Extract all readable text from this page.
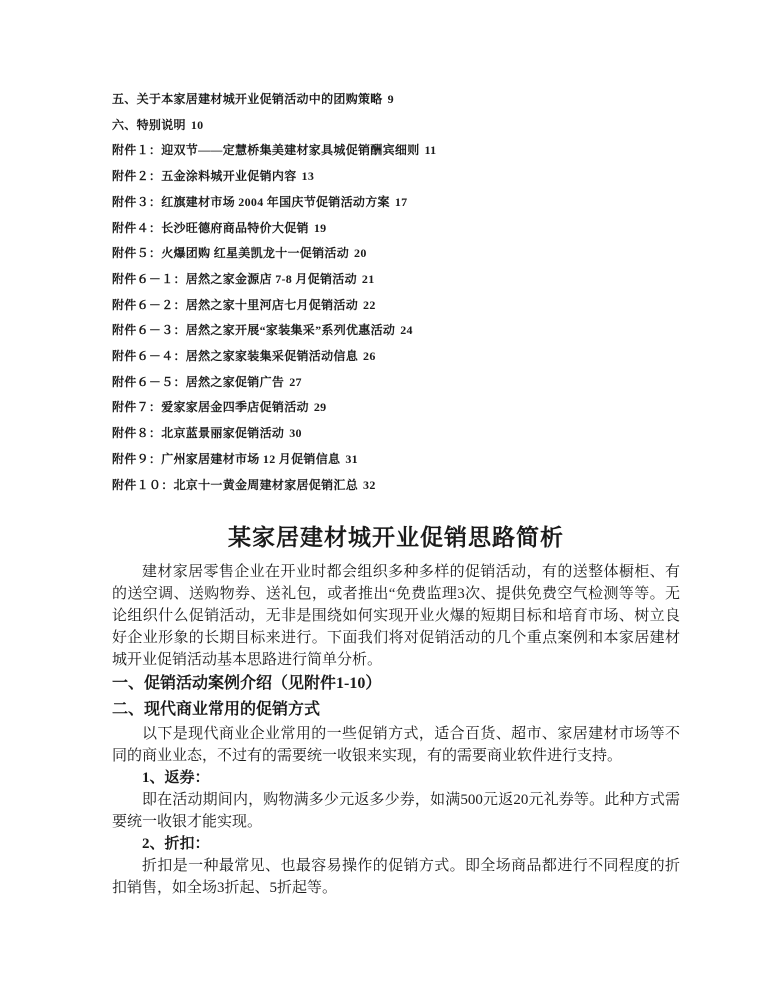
五、关于本家居建材城开业促销活动中的团购策略 9
六、特别说明 10
附件１：迎双节——定慧桥集美建材家具城促销酬宾细则 11
附件２：五金涂料城开业促销内容 13
附件３：红旗建材市场 2004 年国庆节促销活动方案 17
附件４：长沙旺德府商品特价大促销 19
附件５：火爆团购 红星美凯龙十一促销活动 20
附件６－１：居然之家金源店 7-8 月促销活动 21
附件６－２：居然之家十里河店七月促销活动 22
附件６－３：居然之家开展“家装集采”系列优惠活动 24
附件６－４：居然之家家装集采促销活动信息 26
附件６－５：居然之家促销广告 27
附件７：爱家家居金四季店促销活动 29
附件８：北京蓝景丽家促销活动 30
附件９：广州家居建材市场 12 月促销信息 31
附件１０：北京十一黄金周建材家居促销汇总 32
某家居建材城开业促销思路简析

建材家居零售企业在开业时都会组织多种多样的促销活动，有的送整体橱柜、有的送空调、送购物券、送礼包，或者推出“免费监理3次、提供免费空气检测等等。无论组织什么促销活动，无非是围绕如何实现开业火爆的短期目标和培育市场、树立良好企业形象的长期目标来进行。下面我们将对促销活动的几个重点案例和本家居建材城开业促销活动基本思路进行简单分析。

一、促销活动案例介绍（见附件1-10）
二、现代商业常用的促销方式

以下是现代商业企业常用的一些促销方式，适合百货、超市、家居建材市场等不同的商业业态，不过有的需要统一收银来实现，有的需要商业软件进行支持。

1、返券：

即在活动期间内，购物满多少元返多少券，如满500元返20元礼券等。此种方式需要统一收银才能实现。

2、折扣：

折扣是一种最常见、也最容易操作的促销方式。即全场商品都进行不同程度的折扣销售，如全场3折起、5折起等。
